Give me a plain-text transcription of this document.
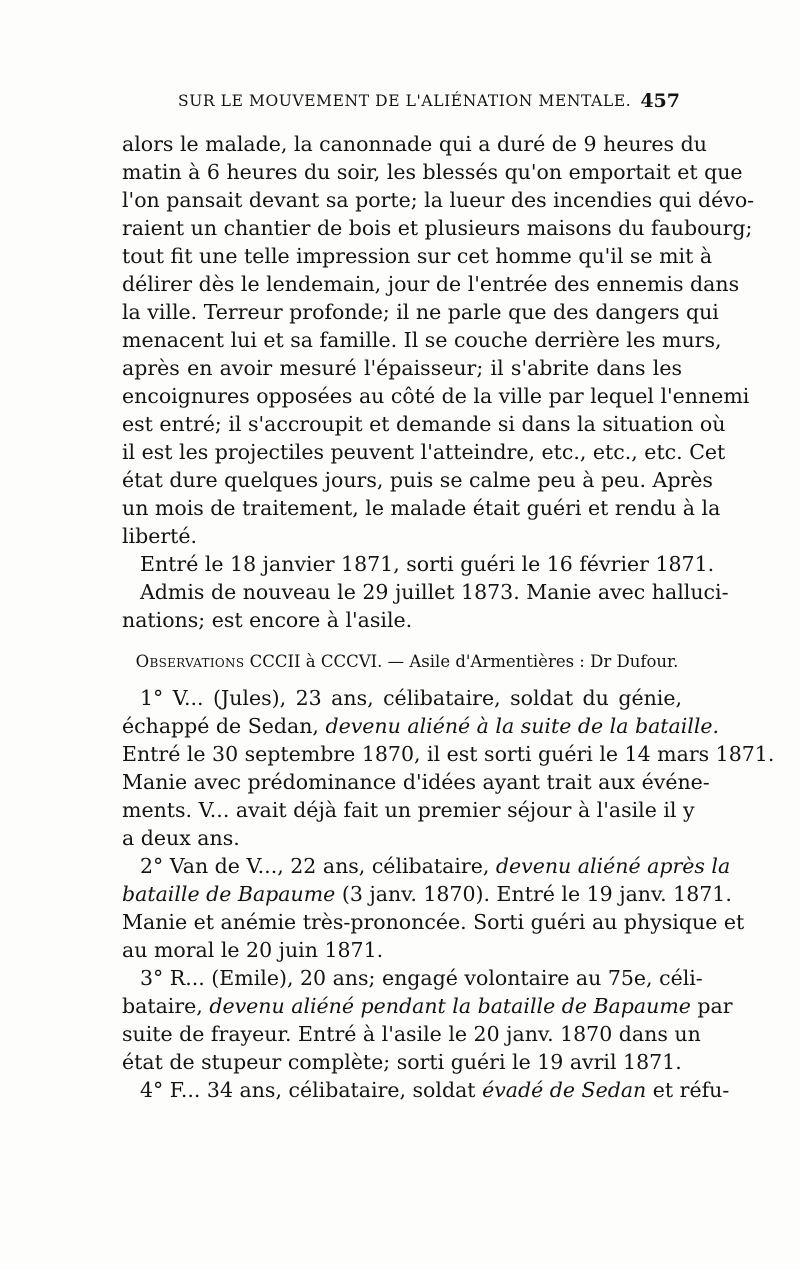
SUR LE MOUVEMENT DE L'ALIÉNATION MENTALE. 457
alors le malade, la canonnade qui a duré de 9 heures du
matin à 6 heures du soir, les blessés qu'on emportait et que
l'on pansait devant sa porte; la lueur des incendies qui dévo-
raient un chantier de bois et plusieurs maisons du faubourg;
tout fit une telle impression sur cet homme qu'il se mit à
délirer dès le lendemain, jour de l'entrée des ennemis dans
la ville. Terreur profonde; il ne parle que des dangers qui
menacent lui et sa famille. Il se couche derrière les murs,
après en avoir mesuré l'épaisseur; il s'abrite dans les
encoignures opposées au côté de la ville par lequel l'ennemi
est entré; il s'accroupit et demande si dans la situation où
il est les projectiles peuvent l'atteindre, etc., etc., etc. Cet
état dure quelques jours, puis se calme peu à peu. Après
un mois de traitement, le malade était guéri et rendu à la
liberté.
Entré le 18 janvier 1871, sorti guéri le 16 février 1871.
Admis de nouveau le 29 juillet 1873. Manie avec halluci-
nations; est encore à l'asile.
Observations CCCII à CCCVI. — Asile d'Armentières : Dr Dufour.
1° V... (Jules), 23 ans, célibataire, soldat du génie,
échappé de Sedan, devenu aliéné à la suite de la bataille.
Entré le 30 septembre 1870, il est sorti guéri le 14 mars 1871.
Manie avec prédominance d'idées ayant trait aux événe-
ments. V... avait déjà fait un premier séjour à l'asile il y
a deux ans.
2° Van de V..., 22 ans, célibataire, devenu aliéné après la
bataille de Bapaume (3 janv. 1870). Entré le 19 janv. 1871.
Manie et anémie très-prononcée. Sorti guéri au physique et
au moral le 20 juin 1871.
3° R... (Emile), 20 ans; engagé volontaire au 75e, céli-
bataire, devenu aliéné pendant la bataille de Bapaume par
suite de frayeur. Entré à l'asile le 20 janv. 1870 dans un
état de stupeur complète; sorti guéri le 19 avril 1871.
4° F... 34 ans, célibataire, soldat évadé de Sedan et réfu-
